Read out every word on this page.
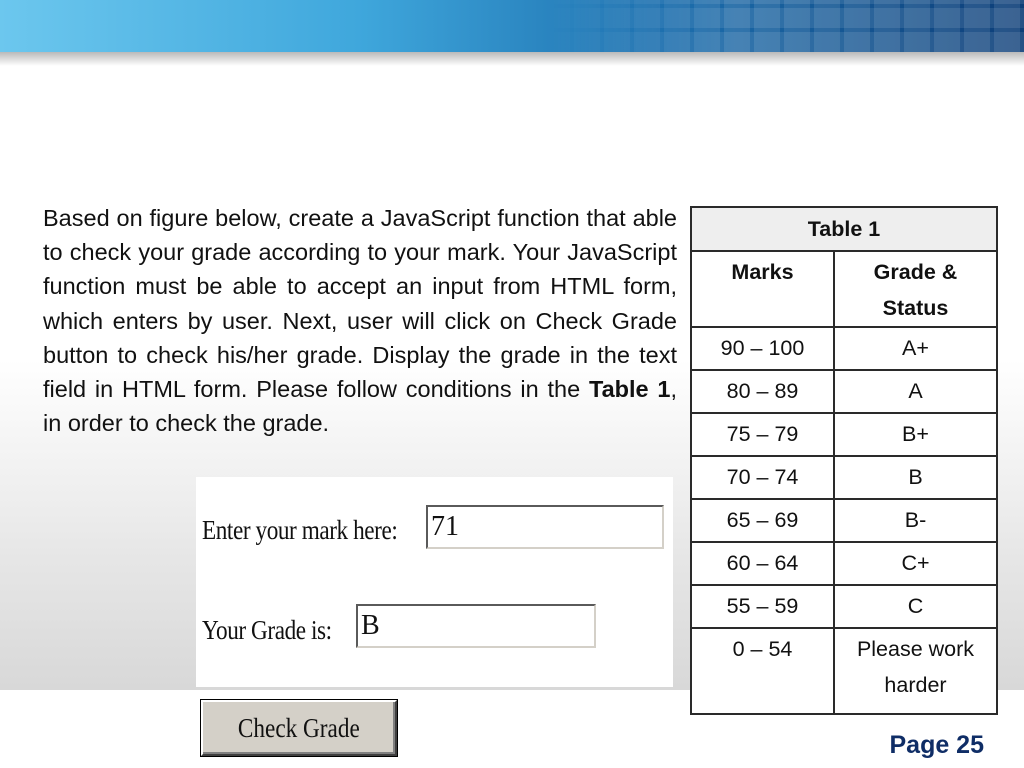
Based on figure below, create a JavaScript function that able to check your grade according to your mark. Your JavaScript function must be able to accept an input from HTML form, which enters by user. Next, user will click on Check Grade button to check his/her grade. Display the grade in the text field in HTML form. Please follow conditions in the Table 1, in order to check the grade.

Enter your mark here:
71
Your Grade is:
B
Check Grade
Table 1	
Marks	Grade & Status
90 – 100	A+
80 – 89	A
75 – 79	B+
70 – 74	B
65 – 69	B-
60 – 64	C+
55 – 59	C
0 – 54	Please work harder
Page 25
